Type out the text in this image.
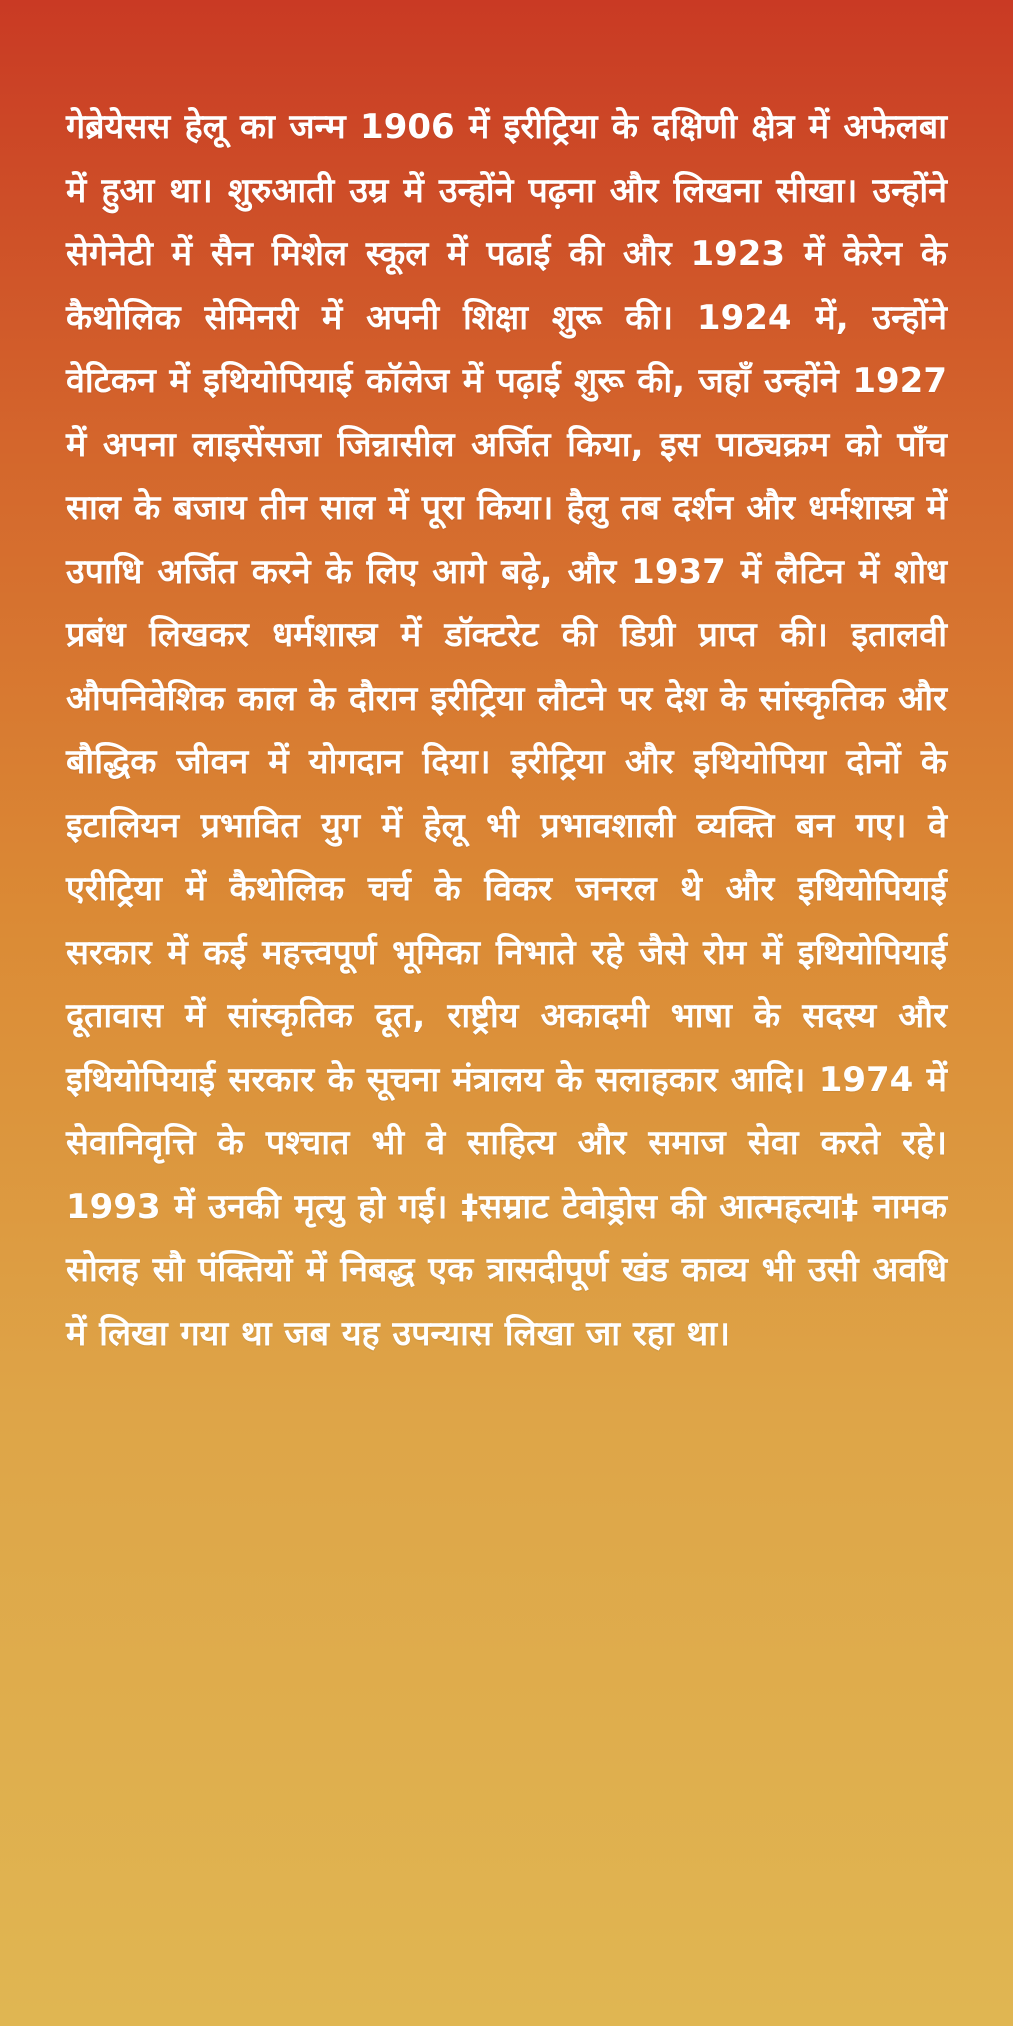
गेब्रेयेसस हेलू का जन्म 1906 में इरीट्रिया के दक्षिणी क्षेत्र में अफेलबा में हुआ था। शुरुआती उम्र में उन्होंने पढ़ना और लिखना सीखा। उन्होंने सेगेनेटी में सैन मिशेल स्कूल में पढाई की और 1923 में केरेन के कैथोलिक सेमिनरी में अपनी शिक्षा शुरू की। 1924 में, उन्होंने वेटिकन में इथियोपियाई कॉलेज में पढ़ाई शुरू की, जहाँ उन्होंने 1927 में अपना लाइसेंसजा जिन्नासील अर्जित किया, इस पाठ्यक्रम को पाँच साल के बजाय तीन साल में पूरा किया। हैलु तब दर्शन और धर्मशास्त्र में उपाधि अर्जित करने के लिए आगे बढ़े, और 1937 में लैटिन में शोध प्रबंध लिखकर धर्मशास्त्र में डॉक्टरेट की डिग्री प्राप्त की। इतालवी औपनिवेशिक काल के दौरान इरीट्रिया लौटने पर देश के सांस्कृतिक और बौद्धिक जीवन में योगदान दिया। इरीट्रिया और इथियोपिया दोनों के इटालियन प्रभावित युग में हेलू भी प्रभावशाली व्यक्ति बन गए। वे एरीट्रिया में कैथोलिक चर्च के विकर जनरल थे और इथियोपियाई सरकार में कई महत्त्वपूर्ण भूमिका निभाते रहे जैसे रोम में इथियोपियाई दूतावास में सांस्कृतिक दूत, राष्ट्रीय अकादमी भाषा के सदस्य और इथियोपियाई सरकार के सूचना मंत्रालय के सलाहकार आदि। 1974 में सेवानिवृत्ति के पश्चात भी वे साहित्य और समाज सेवा करते रहे। 1993 में उनकी मृत्यु हो गई। ‡सम्राट टेवोड्रोस की आत्महत्या‡ नामक सोलह सौ पंक्तियों में निबद्ध एक त्रासदीपूर्ण खंड काव्य भी उसी अवधि में लिखा गया था जब यह उपन्यास लिखा जा रहा था।
